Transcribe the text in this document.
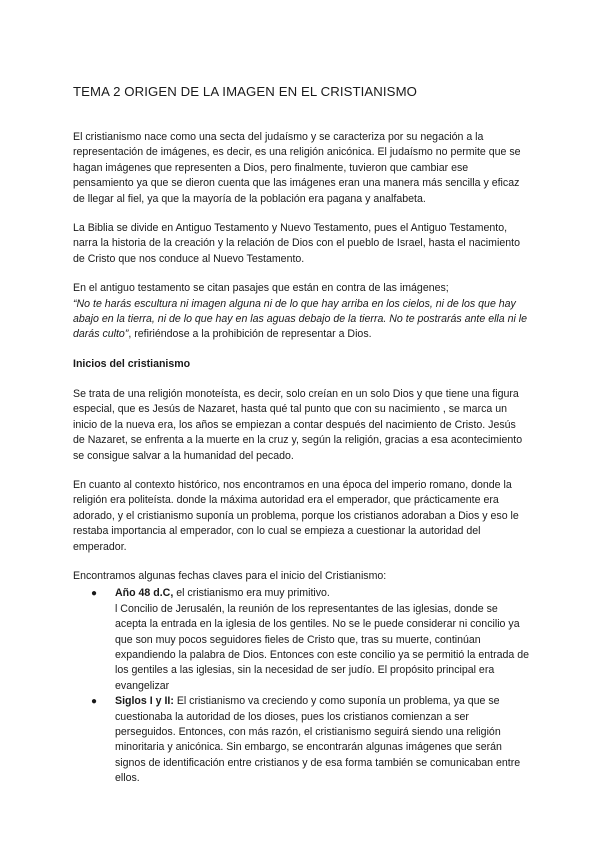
TEMA 2 ORIGEN DE LA IMAGEN EN EL CRISTIANISMO

El cristianismo nace como una secta del judaísmo y se caracteriza por su negación a la representación de imágenes, es decir, es una religión anicónica. El judaísmo no permite que se hagan imágenes que representen a Dios, pero finalmente, tuvieron que cambiar ese pensamiento ya que se dieron cuenta que las imágenes eran una manera más sencilla y eficaz de llegar al fiel, ya que la mayoría de la población era pagana y analfabeta.

La Biblia se divide en Antiguo Testamento y Nuevo Testamento, pues el Antiguo Testamento, narra la historia de la creación y la relación de Dios con el pueblo de Israel, hasta el nacimiento de Cristo que nos conduce al Nuevo Testamento.

En el antiguo testamento se citan pasajes que están en contra de las imágenes;
“No te harás escultura ni imagen alguna ni de lo que hay arriba en los cielos, ni de los que hay abajo en la tierra, ni de lo que hay en las aguas debajo de la tierra. No te postrarás ante ella ni le darás culto”, refiriéndose a la prohibición de representar a Dios.

Inicios del cristianismo

Se trata de una religión monoteísta, es decir, solo creían en un solo Dios y que tiene una figura especial, que es Jesús de Nazaret, hasta qué tal punto que con su nacimiento , se marca un inicio de la nueva era, los años se empiezan a contar después del nacimiento de Cristo. Jesús de Nazaret, se enfrenta a la muerte en la cruz y, según la religión, gracias a esa acontecimiento se consigue salvar a la humanidad del pecado.

En cuanto al contexto histórico, nos encontramos en una época del imperio romano, donde la religión era politeísta. donde la máxima autoridad era el emperador, que prácticamente era adorado, y el cristianismo suponía un problema, porque los cristianos adoraban a Dios y eso le restaba importancia al emperador, con lo cual se empieza a cuestionar la autoridad del emperador.

Encontramos algunas fechas claves para el inicio del Cristianismo:

● Año 48 d.C, el cristianismo era muy primitivo.
l Concilio de Jerusalén, la reunión de los representantes de las iglesias, donde se acepta la entrada en la iglesia de los gentiles. No se le puede considerar ni concilio ya que son muy pocos seguidores fieles de Cristo que, tras su muerte, continúan expandiendo la palabra de Dios. Entonces con este concilio ya se permitió la entrada de los gentiles a las iglesias, sin la necesidad de ser judío. El propósito principal era evangelizar
● Siglos I y II: El cristianismo va creciendo y como suponía un problema, ya que se cuestionaba la autoridad de los dioses, pues los cristianos comienzan a ser perseguidos. Entonces, con más razón, el cristianismo seguirá siendo una religión minoritaria y anicónica. Sin embargo, se encontrarán algunas imágenes que serán signos de identificación entre cristianos y de esa forma también se comunicaban entre ellos.
